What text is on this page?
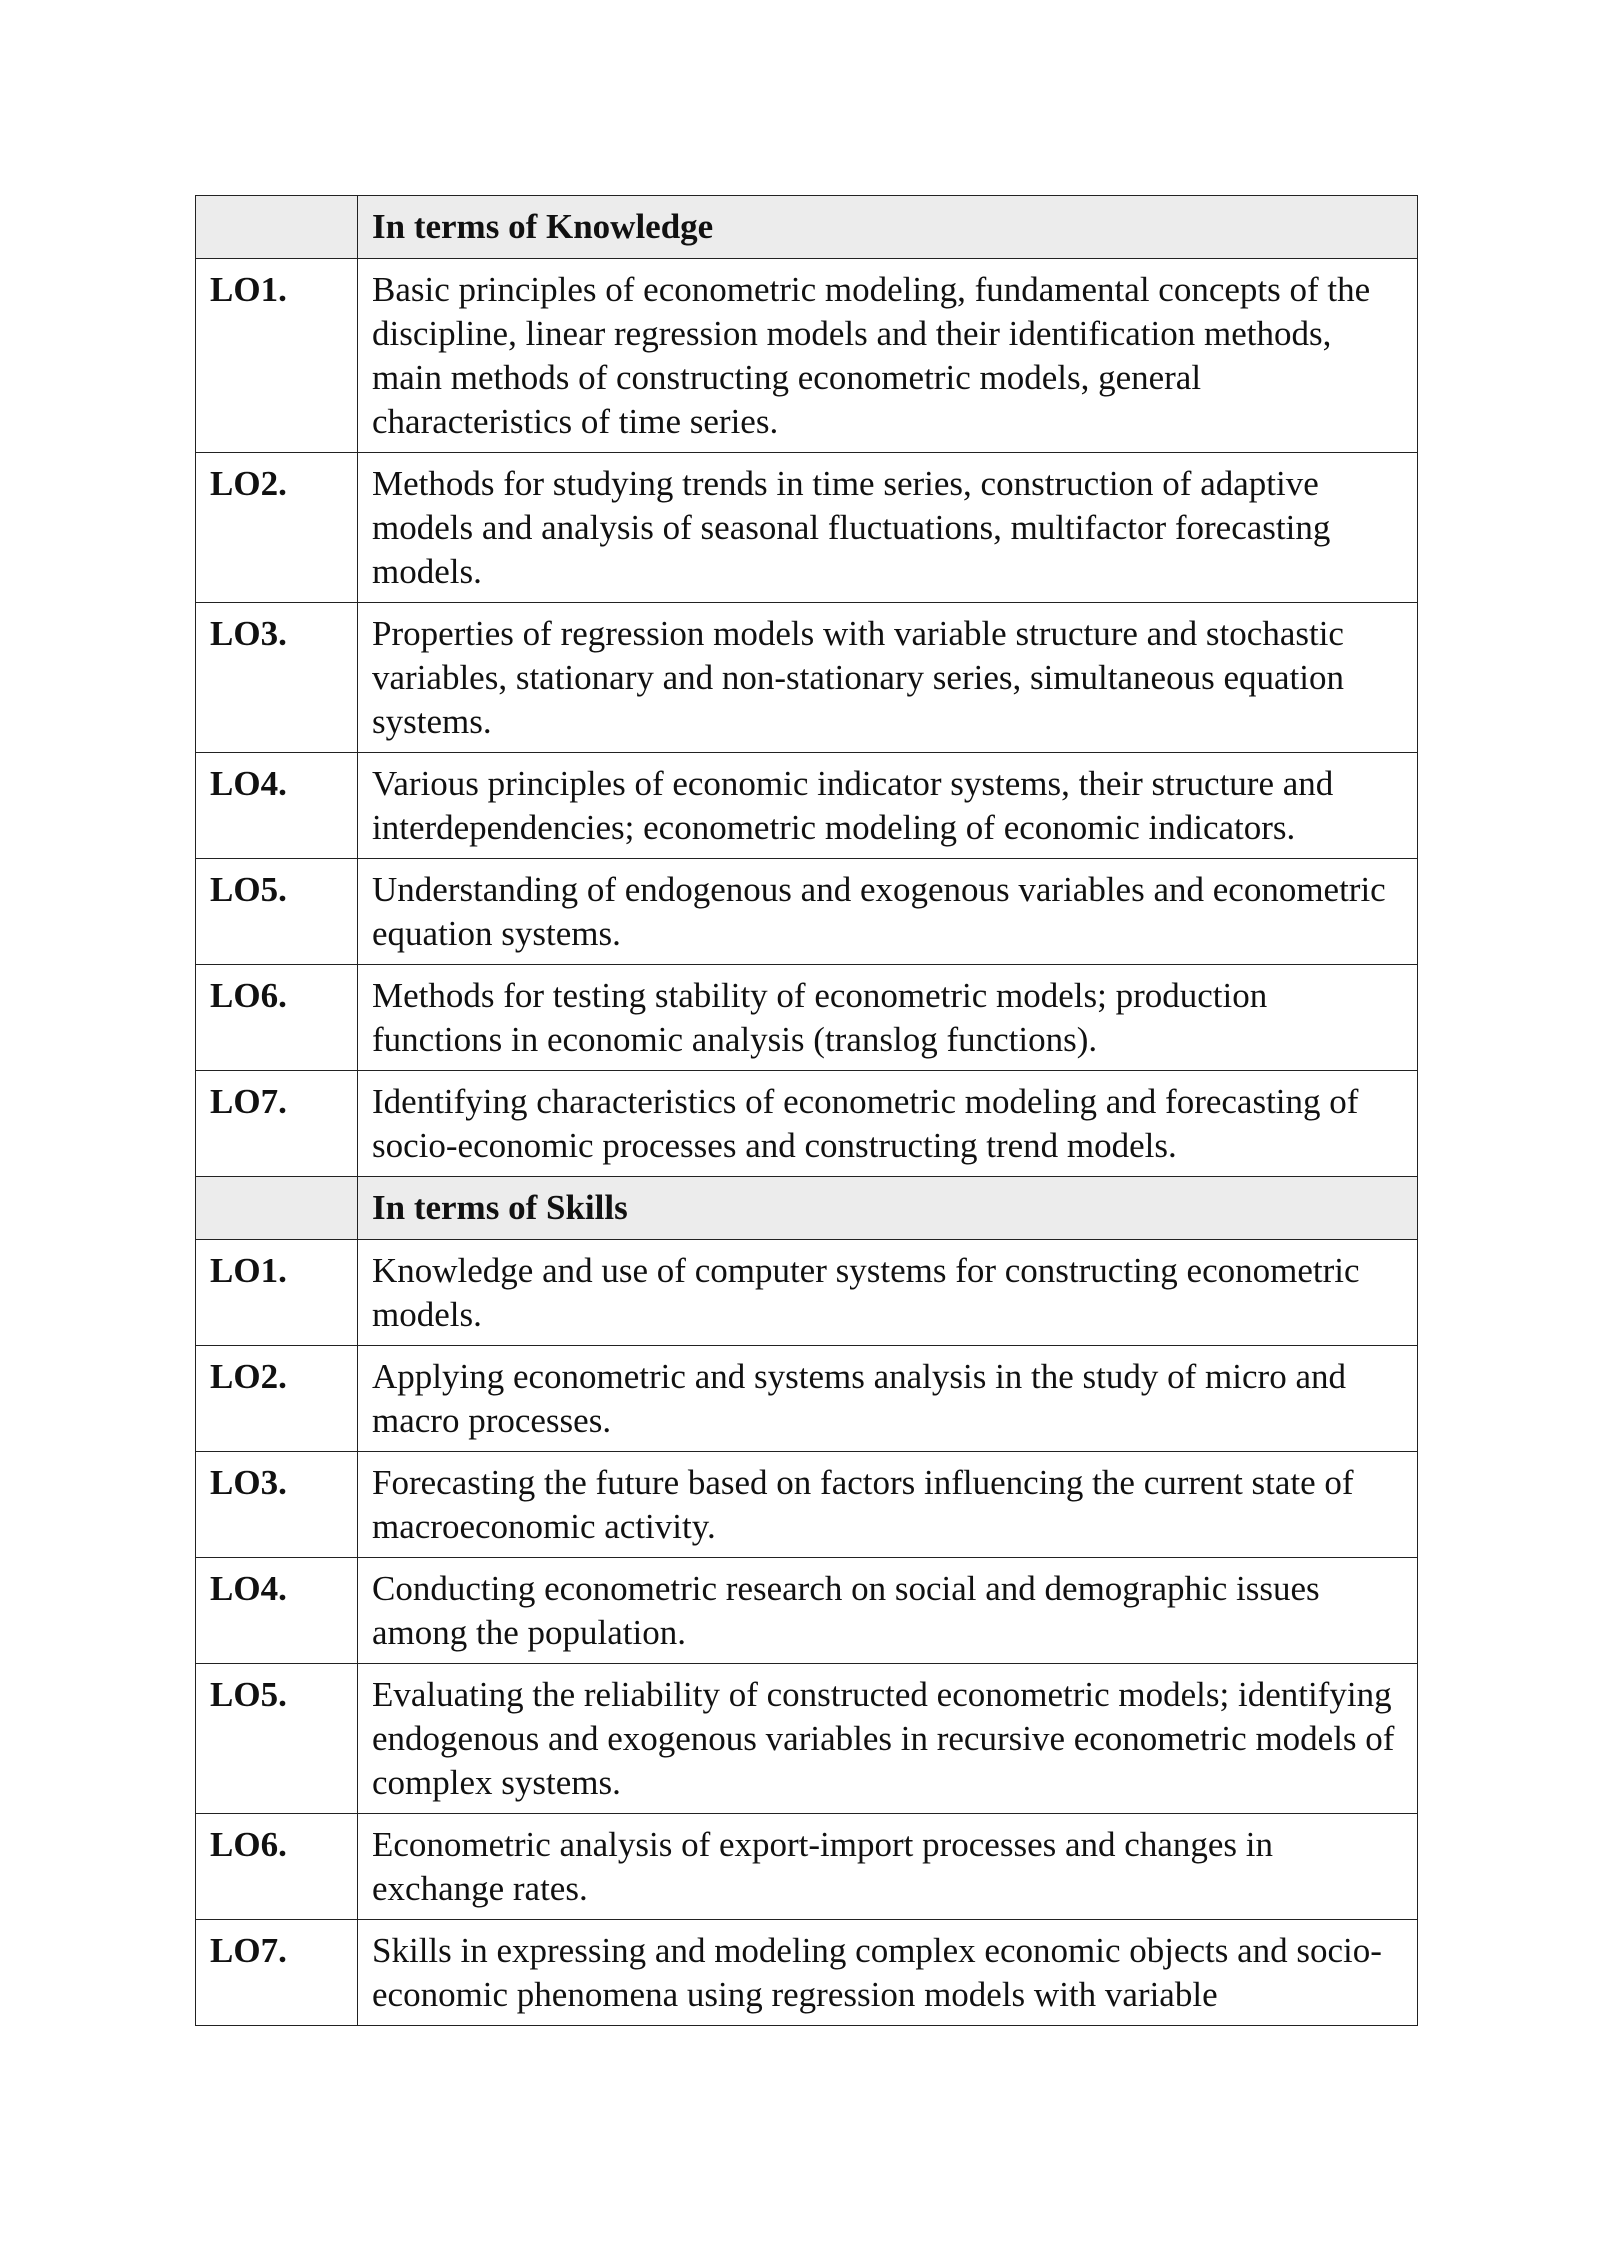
	In terms of Knowledge
LO1.	Basic principles of econometric modeling, fundamental concepts of the discipline, linear regression models and their identification methods, main methods of constructing econometric models, general characteristics of time series.
LO2.	Methods for studying trends in time series, construction of adaptive models and analysis of seasonal fluctuations, multifactor forecasting models.
LO3.	Properties of regression models with variable structure and stochastic variables, stationary and non-stationary series, simultaneous equation systems.
LO4.	Various principles of economic indicator systems, their structure and interdependencies; econometric modeling of economic indicators.
LO5.	Understanding of endogenous and exogenous variables and econometric equation systems.
LO6.	Methods for testing stability of econometric models; production functions in economic analysis (translog functions).
LO7.	Identifying characteristics of econometric modeling and forecasting of socio-economic processes and constructing trend models.
	In terms of Skills
LO1.	Knowledge and use of computer systems for constructing econometric models.
LO2.	Applying econometric and systems analysis in the study of micro and macro processes.
LO3.	Forecasting the future based on factors influencing the current state of macroeconomic activity.
LO4.	Conducting econometric research on social and demographic issues among the population.
LO5.	Evaluating the reliability of constructed econometric models; identifying endogenous and exogenous variables in recursive econometric models of complex systems.
LO6.	Econometric analysis of export-import processes and changes in exchange rates.
LO7.	Skills in expressing and modeling complex economic objects and socio-economic phenomena using regression models with variable
